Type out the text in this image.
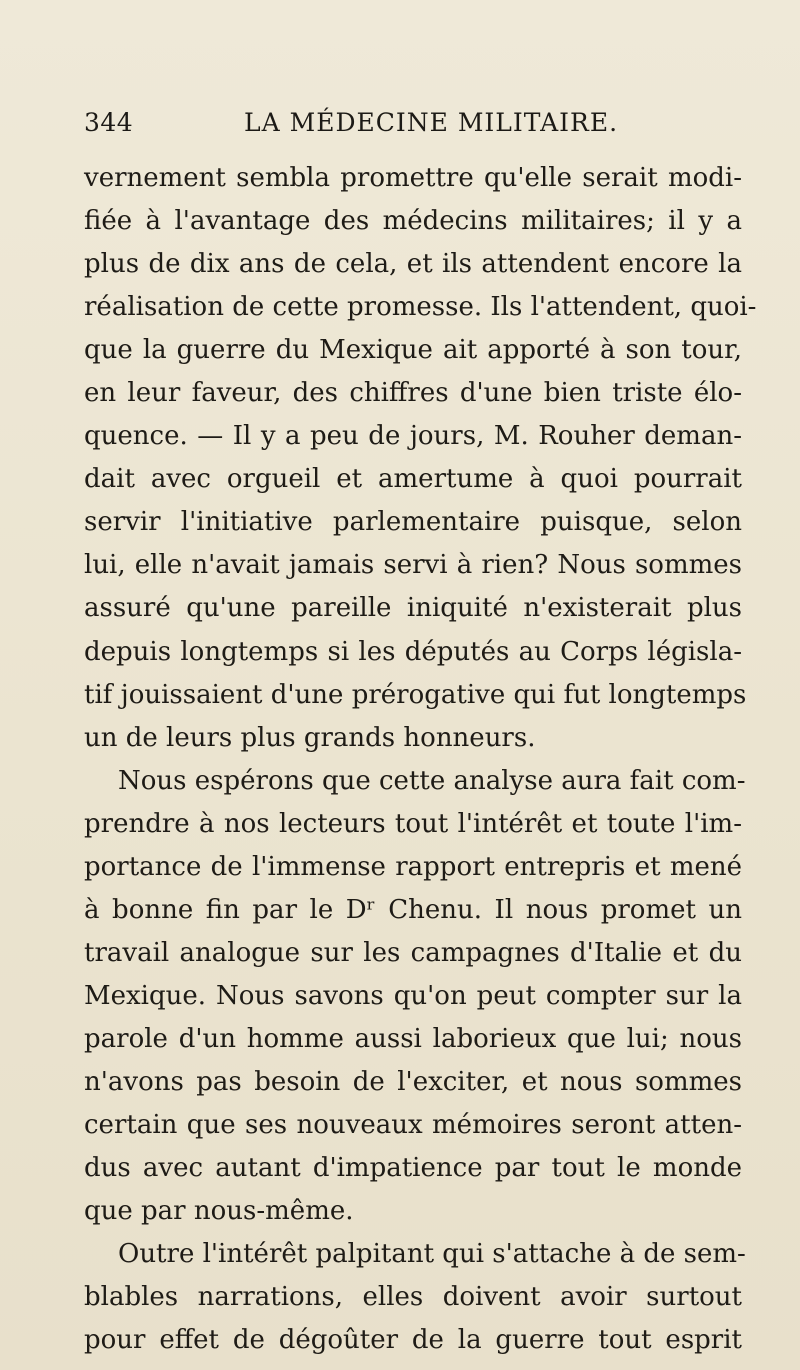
344	LA MÉDECINE MILITAIRE.
vernement sembla promettre qu'elle serait modi-
fiée à l'avantage des médecins militaires; il y a
plus de dix ans de cela, et ils attendent encore la
réalisation de cette promesse. Ils l'attendent, quoi-
que la guerre du Mexique ait apporté à son tour,
en leur faveur, des chiffres d'une bien triste élo-
quence. — Il y a peu de jours, M. Rouher deman-
dait avec orgueil et amertume à quoi pourrait
servir l'initiative parlementaire puisque, selon
lui, elle n'avait jamais servi à rien? Nous sommes
assuré qu'une pareille iniquité n'existerait plus
depuis longtemps si les députés au Corps législa-
tif jouissaient d'une prérogative qui fut longtemps
un de leurs plus grands honneurs.
Nous espérons que cette analyse aura fait com-
prendre à nos lecteurs tout l'intérêt et toute l'im-
portance de l'immense rapport entrepris et mené
à bonne fin par le Dʳ Chenu. Il nous promet un
travail analogue sur les campagnes d'Italie et du
Mexique. Nous savons qu'on peut compter sur la
parole d'un homme aussi laborieux que lui; nous
n'avons pas besoin de l'exciter, et nous sommes
certain que ses nouveaux mémoires seront atten-
dus avec autant d'impatience par tout le monde
que par nous-même.
Outre l'intérêt palpitant qui s'attache à de sem-
blables narrations, elles doivent avoir surtout
pour effet de dégoûter de la guerre tout esprit
